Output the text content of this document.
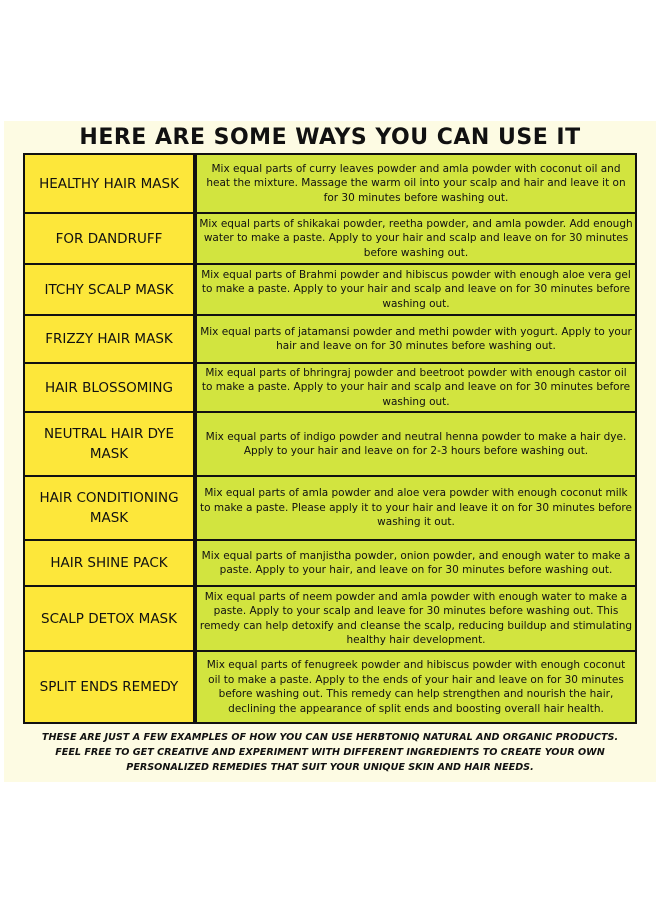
HERE ARE SOME WAYS YOU CAN USE IT
HEALTHY HAIR MASK
Mix equal parts of curry leaves powder and amla powder with coconut oil and heat the mixture. Massage the warm oil into your scalp and hair and leave it on for 30 minutes before washing out.
FOR DANDRUFF
Mix equal parts of shikakai powder, reetha powder, and amla powder. Add enough water to make a paste. Apply to your hair and scalp and leave on for 30 minutes before washing out.
ITCHY SCALP MASK
Mix equal parts of Brahmi powder and hibiscus powder with enough aloe vera gel to make a paste. Apply to your hair and scalp and leave on for 30 minutes before washing out.
FRIZZY HAIR MASK	Mix equal parts of jatamansi powder and methi powder with yogurt. Apply to your hair and leave on for 30 minutes before washing out.
HAIR BLOSSOMING
Mix equal parts of bhringraj powder and beetroot powder with enough castor oil to make a paste. Apply to your hair and scalp and leave on for 30 minutes before washing out.
NEUTRAL HAIR DYE MASK
Mix equal parts of indigo powder and neutral henna powder to make a hair dye. Apply to your hair and leave on for 2-3 hours before washing out.
HAIR CONDITIONING MASK
Mix equal parts of amla powder and aloe vera powder with enough coconut milk to make a paste. Please apply it to your hair and leave it on for 30 minutes before washing it out.
HAIR SHINE PACK	Mix equal parts of manjistha powder, onion powder, and enough water to make a paste. Apply to your hair, and leave on for 30 minutes before washing out.
SCALP DETOX MASK
Mix equal parts of neem powder and amla powder with enough water to make a paste. Apply to your scalp and leave for 30 minutes before washing out. This remedy can help detoxify and cleanse the scalp, reducing buildup and stimulating healthy hair development.
SPLIT ENDS REMEDY
Mix equal parts of fenugreek powder and hibiscus powder with enough coconut oil to make a paste. Apply to the ends of your hair and leave on for 30 minutes before washing out. This remedy can help strengthen and nourish the hair, declining the appearance of split ends and boosting overall hair health.
THESE ARE JUST A FEW EXAMPLES OF HOW YOU CAN USE HERBTONIQ NATURAL AND ORGANIC PRODUCTS. FEEL FREE TO GET CREATIVE AND EXPERIMENT WITH DIFFERENT INGREDIENTS TO CREATE YOUR OWN PERSONALIZED REMEDIES THAT SUIT YOUR UNIQUE SKIN AND HAIR NEEDS.
